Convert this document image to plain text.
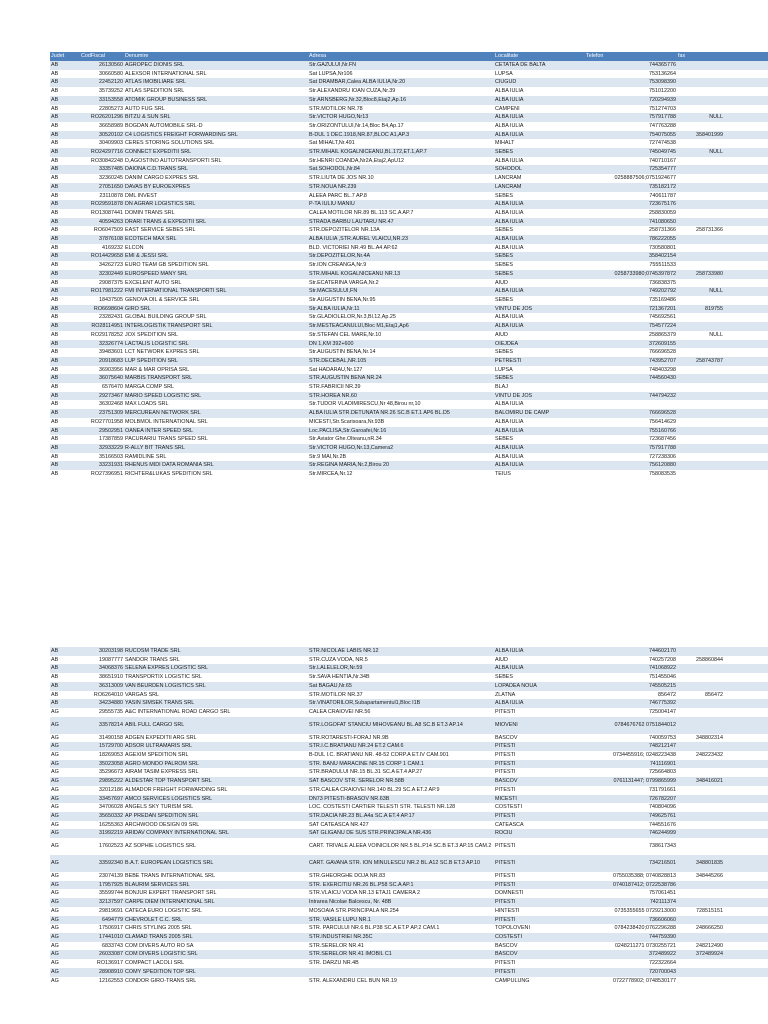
Judet	CodFiscal	Denumire	Adresa	Localitate	Telefon	fax	
AB	26130560	AGROPEC DIONIS SRL	Str.GAZULUI,Nr.FN	CETATEA DE BALTA	744365776		
AB	30660580	ALEXSOR INTERNATIONAL SRL	Sat LUPSA,Nr106	LUPSA	753136264		
AB	22452120	ATLAS IMOBILIARE SRL	Sat DRAMBAR,Calea ALBA IULIA,Nr.20	CIUGUD	753098390		
AB	35739252	ATLAS SPEDITION SRL	Str.ALEXANDRU IOAN CUZA,Nr.39	ALBA IULIA	751012200		
AB	33153558	ATOMIK GROUP BUSINESS SRL	Str.ARNSBERG,Nr.32,Bloc8,Etaj2,Ap.16	ALBA IULIA	720294939		
AB	22805273	AUTO FUG SRL	STR.MOTILOR NR.78	CAMPENI	751274703		
AB	RO26201296	BITZU & SUN SRL	Str.VICTOR HUGO,Nr13	ALBA IULIA	757917788	NULL	
AB	36658989	BOGDAN AUTOMOBILE SRL-D	Str.ORIZONTULUI,Nr.14,Bloc B4,Ap.17	ALBA IULIA	747763288		
AB	30520102	C4 LOGISTICS FREIGHT FORWARDING SRL	B-DUL 1 DEC.1918,NR.87,BLOC A1,AP.3	ALBA IULIA	754075055	358401999	
AB	30409903	CERES STORING SOLUTIONS SRL	Sat MIHALT,Nr.491	MIHALT	727474538		
AB	RO24297716	CONNECT EXPEDITII SRL	STR.MIHAIL KOGALNICEANU,BL.172,ET.1,AP.7	SEBES	745049745	NULL	
AB	RO30842248	D,AGOSTINO AUTOTRANSPORTI SRL	Str.HENRI COANDA,Nr2A,Etaj2,ApU12	ALBA IULIA	740710167		
AB	33357485	DAIONA C.D.TRANS SRL	Sat.SOHODOL,Nr.84	SOHODOL	725354777		
AB	32360245	DANIM CARGO EXPRES SRL	STR.LIUTA DE JOS NR.10	LANCRAM	0258887506;0751924677		
AB	27051650	DAVAS BY EUROEXPRES	STR.NOUA NR.239	LANCRAM	735182172		
AB	23110878	DML INVEST	ALEEA PARC BL.7 AP.8	SEBES	740611787		
AB	RO29591878	DN AGRAR LOGISTICS SRL	P-TA IULIU MANIU	ALBA IULIA	723675176		
AB	RO13087441	DOMIN TRANS SRL	CALEA MOTILOR NR.89 BL.113 SC.A AP.7	ALBA IULIA	258830059		
AB	40594263	DRARI TRANS & EXPEDITII SRL	STRADA BARBU LAUTARU NR.47	ALBA IULIA	741080650		
AB	RO6047509	EAST SERVICE SEBES SRL	STR.DEPOZITELOR NR.13A	SEBES	258731366	258731366	
AB	37876108	ECOTECH MAX SRL	ALBA IULIA ,STR.AUREL VLAICU,NR.23	ALBA IULIA	786222055		
AB	4169232	ELCON	BLD. VICTORIEI NR.49 BL.A4 AP.62	ALBA IULIA	730580801		
AB	RO14429658	EMI & JESSI SRL	Str.DEPOZITELOR,Nr.4A	SEBES	358402154		
AB	34262723	EURO TEAM GB SPEDITION SRL	Str.ION CREANGA,Nr.9	SEBES	755511533		
AB	32302449	EUROSPEED MANY SRL	STR.MIHAIL KOGALNICEANU NR.13	SEBES	0258733980;0745397872	258733980	
AB	29087375	EXCELENT AUTO SRL	Str.ECATERINA VARGA,Nr.2	AIUD	736838375		
AB	RO17981222	FMI INTERNATIONAL TRANSPORTI SRL	Str.MACESULUI,FN	ALBA IULIA	749202792	NULL	
AB	18437505	GENOVA OIL & SERVICE SRL	Str.AUGUSTIN BENA,Nr.95	SEBES	735169486		
AB	RO6698604	GIRO SRL	Str.ALBA IULIA,Nr.11	VINTU DE JOS	721367201	819755	
AB	23282431	GLOBAL BUILDING GROUP SRL	Str.GLADIOLELOR,Nr.3,Bl.12,Ap.25	ALBA IULIA	745692561		
AB	RO28114951	INTERLOGISTIK TRANSPORT SRL	Str.MESTEACANULUI,Bloc M1,Etaj1,Ap6	ALBA IULIA	754577224		
AB	RO29178252	JOX SPEDITION SRL	Str.STEFAN CEL MARE,Nr.10	AIUD	258865379	NULL	
AB	32326774	LACTALIS LOGISTIC SRL	DN 1,KM 392+600	OIEJDEA	372609155		
AB	39483601	LCT NETWORK EXPRES SRL	Str.AUGUSTIN BENA,Nr.14	SEBES	766696528		
AB	20918683	LUP SPEDITION SRL	STR.DECEBAL,NR.105	PETRESTI	743952707	258743787	
AB	36903956	MAR & MAR OPRISA SRL	Sat HADARAU,Nr.127	LUPSA	748403298		
AB	36075640	MARBIS TRANSPORT SRL	STR.AUGUSTIN BENA NR.24	SEBES	744560430		
AB	6576470	MARGA COMP SRL	STR.FABRICII NR.39	BLAJ			
AB	29273467	MARIO SPEED LOGISTIC SRL	STR.HOREA NR.60	VINTU DE JOS	744794232		
AB	36302468	MAX LOADS SRL	Str.TUDOR VLADIMIRESCU,Nr 48,Birou nr,10	ALBA IULIA			
AB	23751309	MERCUREAN NETWORK SRL	ALBA IULIA STR.DETUNATA NR.26 SC.B ET.1 AP6 BL.D5	BALOMIRU DE CAMP	766696528		
AB	RO27701958	MOLBMOL INTERNATIONAL SRL	MICESTI,Str.Scarisoara,Nr.93B	ALBA IULIA	756414629		
AB	29502951	OANEA INTER SPEED SRL	Loc.PACLISA,Str.Garoafei,Nr.16	ALBA IULIA	755160766		
AB	17387859	PACURARIU TRANS SPEED SRL	Str.Aviator Ghe.Olteanu,nR.34	SEBES	723687456		
AB	32933229	R-ALLY BIT TRANS SRL	Str.VICTOR HUGO,Nr.13,Camera2	ALBA IULIA	757917788		
AB	35166503	RAMIDLINE SRL	Str.9 MAI,Nr.2B	ALBA IULIA	727238306		
AB	33231931	RHENUS MIDI DATA ROMANIA SRL	Str.REGINA MARIA,Nr.2,Birou 20	ALBA IULIA	756120880		
AB	RO27396951	RICHTER&LUKAS SPEDITION SRL	Str.MIRCEA,Nr.12	TEIUS	758083535		
AB	30203198	RUCOSM TRADE SRL	STR.NICOLAE LABIS NR.12	ALBA IULIA	744602170		
AB	19087777	SANDOR TRANS SRL	STR.CUZA VODA, NR.5	AIUD	740257208	258860844	
AB	34068376	SELENA EXPRES LOGISTIC SRL	Str.LALELELOR,Nr.59	ALBA IULIA	741068922		
AB	38651910	TRANSPORTIX LOGISTIC SRL	Str.SAVA HENTIA,Nr.34B	SEBES	751455046		
AB	36313009	VAN BEURDEN LOGISTICS SRL	Sat BAGAU,Nr.65	LOPADEA NOUA	745505215		
AB	RO6264010	VARGAS SRL	STR.MOTILOR NR.37	ZLATNA	856472	856472	
AB	34234880	YASIN SIMSEK TRANS SRL	Str.VINATORILOR,Subapartamentul1,Bloc I1B	ALBA IULIA	746775392		
AG	29555735	A&C INTERNATIONAL ROAD CARGO SRL	CALEA CRAIOVEI NR.56	PITESTI	725004147		
AG	33578214	ABIL FULL CARGO SRL	STR.LOGOFAT STANCIU MIHOVEANU BL.A8 SC.B ET.3 AP.14	MIOVENI	0784676762 0751844012		
AG	31490158	ADGEN EXPEDITII ARG SRL	STR.ROTARESTI-FORAJ NR.9B	BASCOV	740059753	348802314	
AG	15729700	ADSOR ULTRAMARIS SRL	STR.I.C.BRATIANU NR.24 ET.2 CAM.6	PITESTI	748212147		
AG	18269053	AGEXIM SPEDITION SRL	B-DUL I.C. BRATIANU NR. 48-52 CORP.A ET.IV CAM.901	PITESTI	0734455916; 0248223438	248223432	
AG	35023058	AGRO MONDO PALROM SRL	STR. BANU MARACINE NR.15 CORP 1 CAM.1	PITESTI	741116901		
AG	35296673	AIRAM TASIM EXPRESS SRL	STR.BRADULUI NR.15 BL.31 SC.A ET.4 AP.27	PITESTI	725664803		
AG	29895222	ALDESTAR TOP TRANSPORT SRL	SAT BASCOV STR. SERELOR NR.58B	BASCOV	0761131447; 0799865999	348416021	
AG	32012186	ALMADOR FREIGHT FORWARDING SRL	STR.CALEA CRAIOVEI NR.140 BL.29 SC.A ET.2 AP.9	PITESTI	731791661		
AG	33457697	AMCO SERVICES LOGISTICS SRL	DN73 PITESTI-BRASOV NR.63B	MICESTI	726782207		
AG	34706028	ANGELS SKY TURISM SRL	LOC. COSTESTI CARTIER TELESTI STR. TELESTI NR.128	COSTESTI	740804096		
AG	35650332	AP PREDAN SPEDITION SRL	STR.DACIA NR.23 BL.A4a SC.A ET.4 AP.17	PITESTI	749625761		
AG	16255363	ARCHWOOD DESIGN 09 SRL	SAT CATEASCA NR.427	CATEASCA	744551676		
AG	31992219	ARIDAV COMPANY INTERNATIONAL SRL	SAT GLIGANU DE SUS STR.PRINCIPALA NR.436	ROCIU	746244999		
AG	17602523	AZ SOPHIE LOGISTICS SRL	CART. TRIVALE ALEEA VOINICILOR NR.5 BL.P14 SC.B ET.3 AP.15 CAM.2	PITESTI	738617343		
AG	33592340	B.A.T. EUROPEAN LOGISTICS SRL	CART. GAVANA STR. ION MINULESCU NR.2 BL.A12 SC.B ET.3 AP.10	PITESTI	734216501	348801835	
AG	23074139	BEBE TRANS INTERNATIONAL SRL	STR.GHEORGHE DOJA NR.83	PITESTI	0755035388; 0740828813	348445266	
AG	17957925	BLAURIM SERVICES SRL	STR. EXERCITIU NR.26 BL.P58 SC.A AP.1	PITESTI	0740187412; 0722538786		
AG	35599744	BONJUR EXPERT TRANSPORT SRL	STR.VLAICU VODA NR.13 ETAJ1 CAMERA 2	DOMNESTI	757061451		
AG	32137597	CARPE DIEM INTERNATIONAL SRL	Intrarea Nicolae Balcescu, Nr. 48B	PITESTI	742111374		
AG	29819691	CATECA EURO LOGISTIC SRL	MOSOAIA STR.PRINCIPALA NR.254	HINTESTI	0735355655 0729213000	728515151	
AG	6494779	CHEVROLET C.C. SRL	STR. VASILE LUPU NR.1	PITESTI	736606060		
AG	17506917	CHRIS STYLING 2005 SRL	STR. PARCULUI NR.6 BL.P38 SC.A ET.P AP.2 CAM.1	TOPOLOVENI	0784238420;0762296288	248666250	
AG	17441010	CLAMAD TRANS 2005 SRL	STR.INDUSTRIEI NR.35C	COSTESTI	744759390		
AG	6833743	COM DIVERS AUTO RO SA	STR.SERELOR NR.41	BASCOV	0248211271 0730255721	248212490	
AG	26033087	COM DIVERS LOGISTIC SRL	STR.SERELOR NR.41 IMOBIL C1	BASCOV	372489922	372489924	
AG	RO136917	COMPACT LACOLI SRL	STR. DARZU NR.4B	PITESTI	722322664		
AG	28908910	COMY SPEDITION TOP SRL		PITESTI	720700043		
AG	12162553	CONDOR GIRO-TRANS SRL	STR. ALEXANDRU CEL BUN NR.19	CAMPULUNG	0722778902; 0748530177		
